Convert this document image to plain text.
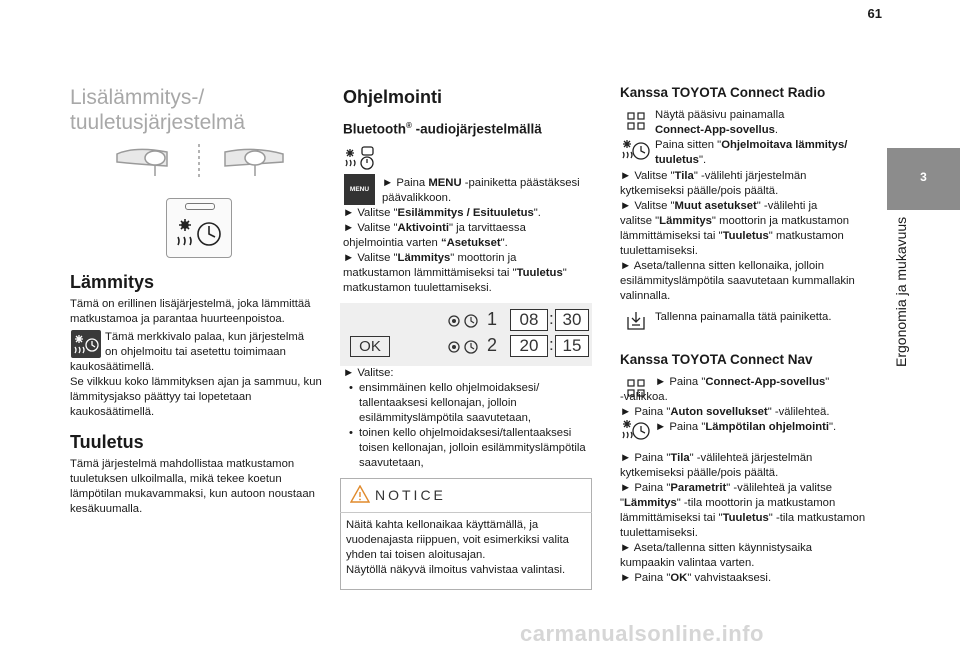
61
3
Ergonomia ja mukavuus
Lisälämmitys-/
tuuletusjärjestelmä
Lämmitys

Tämä on erillinen lisäjärjestelmä, joka lämmittää matkustamoa ja parantaa huurteenpoistoa.

Tämä merkkivalo palaa, kun järjestelmä

on ohjelmoitu tai asetettu toimimaan

kaukosäätimellä.

Se vilkkuu koko lämmityksen ajan ja sammuu, kun lämmitysjakso päättyy tai lopetetaan kaukosäätimellä.

Tuuletus

Tämä järjestelmä mahdollistaa matkustamon tuuletuksen ulkoilmalla, mikä tekee koetun lämpötilan mukavammaksi, kun autoon noustaan kesäkuumalla.

Ohjelmointi
Bluetooth® -audiojärjestelmällä
MENU

► Paina MENU -painiketta päästäksesi

päävalikkoon.

► Valitse "Esilämmitys / Esituuletus".

► Valitse "Aktivointi" ja tarvittaessa

ohjelmointia varten “Asetukset".

► Valitse "Lämmitys" moottorin ja

matkustamon lämmittämiseksi tai "Tuuletus"

matkustamon tuulettamiseksi.

OK
1	08 : 30
2	20 : 15

► Valitse:

• ensimmäinen kello ohjelmoidaksesi/

tallentaaksesi kellonajan, jolloin

esilämmityslämpötila saavutetaan,

• toinen kello ohjelmoidaksesi/tallentaaksesi

toisen kellonajan, jolloin esilämmityslämpötila

saavutetaan,

NOTICE

Näitä kahta kellonaikaa käyttämällä, ja

vuodenajasta riippuen, voit esimerkiksi valita

yhden tai toisen aloitusajan.

Näytöllä näkyvä ilmoitus vahvistaa valintasi.

Kanssa TOYOTA Connect Radio

Näytä pääsivu painamalla

Connect-App-sovellus.

Paina sitten "Ohjelmoitava lämmitys/

tuuletus".

► Valitse "Tila" -välilehti järjestelmän

kytkemiseksi päälle/pois päältä.

► Valitse "Muut asetukset" -välilehti ja

valitse "Lämmitys" moottorin ja matkustamon

lämmittämiseksi tai "Tuuletus" matkustamon

tuulettamiseksi.

► Aseta/tallenna sitten kellonaika, jolloin

esilämmityslämpötila saavutetaan kummallakin

valinnalla.

Tallenna painamalla tätä painiketta.

Kanssa TOYOTA Connect Nav

► Paina "Connect-App-sovellus"

-valikkoa.

► Paina "Auton sovellukset" -välilehteä.

► Paina "Lämpötilan ohjelmointi".

► Paina "Tila" -välilehteä järjestelmän

kytkemiseksi päälle/pois päältä.

► Paina "Parametrit" -välilehteä ja valitse

"Lämmitys" -tila moottorin ja matkustamon

lämmittämiseksi tai "Tuuletus" -tila matkustamon

tuulettamiseksi.

► Aseta/tallenna sitten käynnistysaika

kumpaakin valintaa varten.

► Paina "OK" vahvistaaksesi.

carmanualsonline.info
